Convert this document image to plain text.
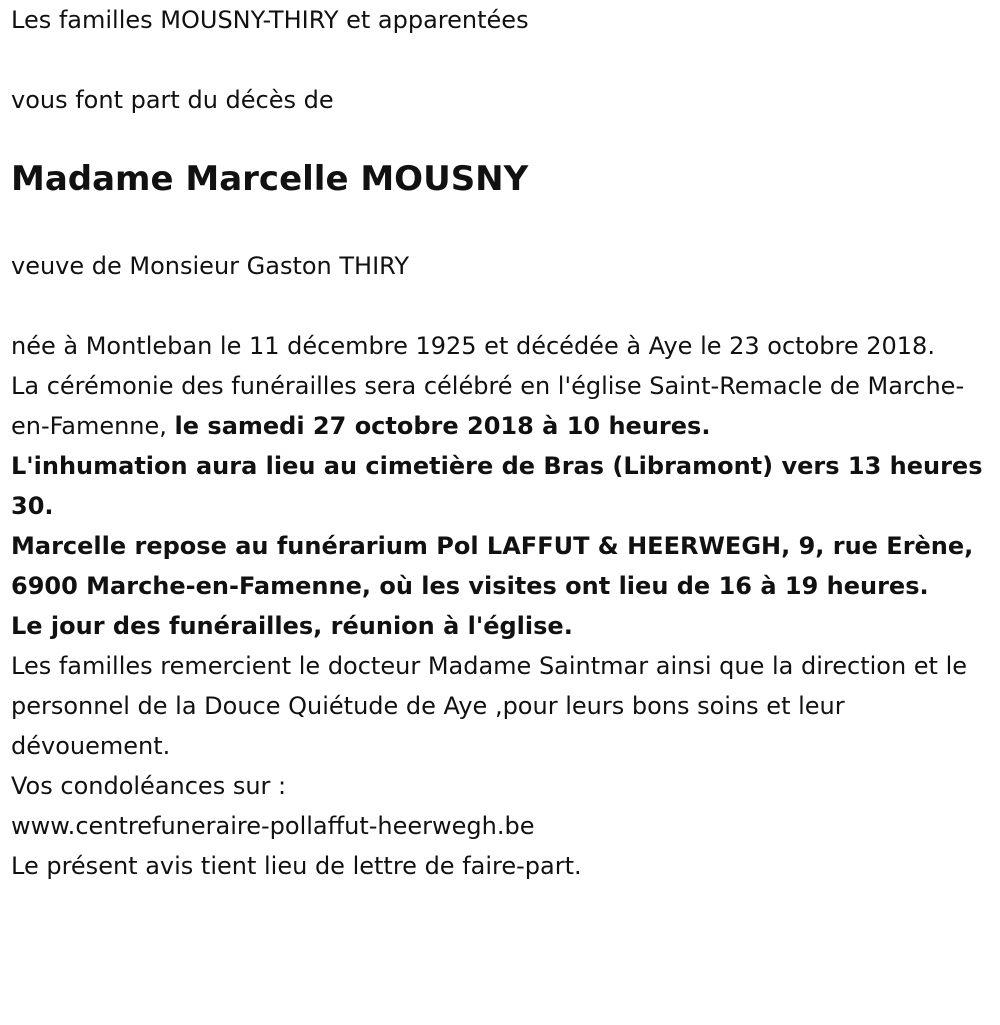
Les familles MOUSNY-THIRY et apparentées

vous font part du décès de

Madame Marcelle MOUSNY

veuve de Monsieur Gaston THIRY

née à Montleban le 11 décembre 1925 et décédée à Aye le 23 octobre 2018.

La cérémonie des funérailles sera célébré en l'église Saint-Remacle de Marche-en-Famenne, le samedi 27 octobre 2018 à 10 heures.

L'inhumation aura lieu au cimetière de Bras (Libramont) vers 13 heures 30.

Marcelle repose au funérarium Pol LAFFUT & HEERWEGH, 9, rue Erène, 6900 Marche-en-Famenne, où les visites ont lieu de 16 à 19 heures.

Le jour des funérailles, réunion à l'église.

Les familles remercient le docteur Madame Saintmar ainsi que la direction et le personnel de la Douce Quiétude de Aye ,pour leurs bons soins et leur dévouement.

Vos condoléances sur :

www.centrefuneraire-pollaffut-heerwegh.be

Le présent avis tient lieu de lettre de faire-part.
